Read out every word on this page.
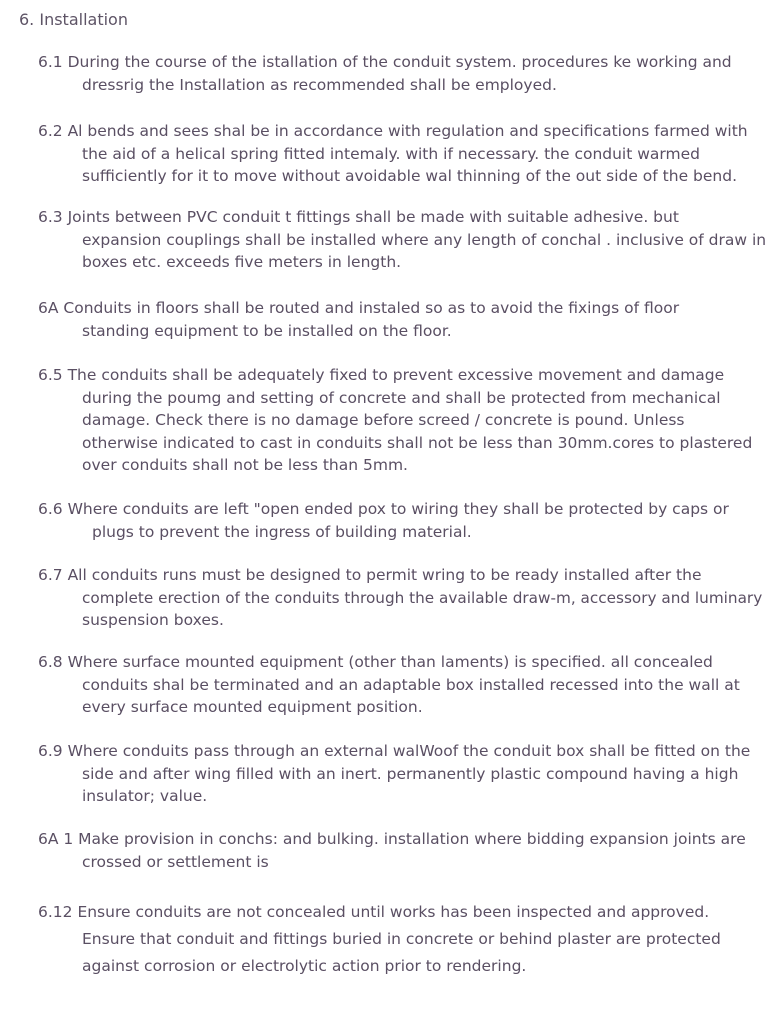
6. Installation

6.1 During the course of the istallation of the conduit system. procedures ke working and
dressrig the Installation as recommended shall be employed.

6.2 Al bends and sees shal be in accordance with regulation and specifications farmed with
the aid of a helical spring fitted intemaly. with if necessary. the conduit warmed
sufficiently for it to move without avoidable wal thinning of the out side of the bend.

6.3 Joints between PVC conduit t fittings shall be made with suitable adhesive. but
expansion couplings shall be installed where any length of conchal . inclusive of draw in
boxes etc. exceeds five meters in length.

6A Conduits in floors shall be routed and instaled so as to avoid the fixings of floor
standing equipment to be installed on the floor.

6.5 The conduits shall be adequately fixed to prevent excessive movement and damage
during the poumg and setting of concrete and shall be protected from mechanical
damage. Check there is no damage before screed / concrete is pound. Unless
otherwise indicated to cast in conduits shall not be less than 30mm.cores to plastered
over conduits shall not be less than 5mm.

6.6 Where conduits are left "open ended pox to wiring they shall be protected by caps or
plugs to prevent the ingress of building material.

6.7 All conduits runs must be designed to permit wring to be ready installed after the
complete erection of the conduits through the available draw-m, accessory and luminary
suspension boxes.

6.8 Where surface mounted equipment (other than laments) is specified. all concealed
conduits shal be terminated and an adaptable box installed recessed into the wall at
every surface mounted equipment position.

6.9 Where conduits pass through an external walWoof the conduit box shall be fitted on the
side and after wing filled with an inert. permanently plastic compound having a high
insulator; value.

6A 1 Make provision in conchs: and bulking. installation where bidding expansion joints are
crossed or settlement is

6.12 Ensure conduits are not concealed until works has been inspected and approved.
Ensure that conduit and fittings buried in concrete or behind plaster are protected
against corrosion or electrolytic action prior to rendering.
